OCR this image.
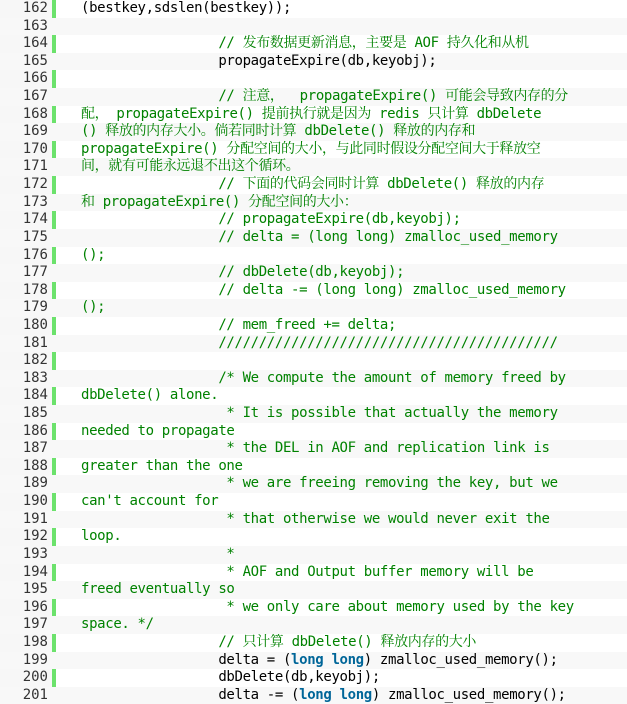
162 (bestkey,sdslen(bestkey));
163
164 // 发布数据更新消息，主要是 AOF 持久化和从机
165 propagateExpire(db,keyobj);
166
167 // 注意，  propagateExpire() 可能会导致内存的分
168 配， propagateExpire() 提前执行就是因为 redis 只计算 dbDelete
169 () 释放的内存大小。倘若同时计算 dbDelete() 释放的内存和
170 propagateExpire() 分配空间的大小，与此同时假设分配空间大于释放空
171 间，就有可能永远退不出这个循环。
172 // 下面的代码会同时计算 dbDelete() 释放的内存
173 和 propagateExpire() 分配空间的大小：
174 // propagateExpire(db,keyobj);
175 // delta = (long long) zmalloc_used_memory
176 ();
177 // dbDelete(db,keyobj);
178 // delta -= (long long) zmalloc_used_memory
179 ();
180 // mem_freed += delta;
181 //////////////////////////////////////////
182
183 /* We compute the amount of memory freed by
184 dbDelete() alone.
185 * It is possible that actually the memory
186 needed to propagate
187 * the DEL in AOF and replication link is
188 greater than the one
189 * we are freeing removing the key, but we
190 can't account for
191 * that otherwise we would never exit the
192 loop.
193 *
194 * AOF and Output buffer memory will be
195 freed eventually so
196 * we only care about memory used by the key
197 space. */
198 // 只计算 dbDelete() 释放内存的大小
199 delta = (long long) zmalloc_used_memory();
200 dbDelete(db,keyobj);
201 delta -= (long long) zmalloc_used_memory();
